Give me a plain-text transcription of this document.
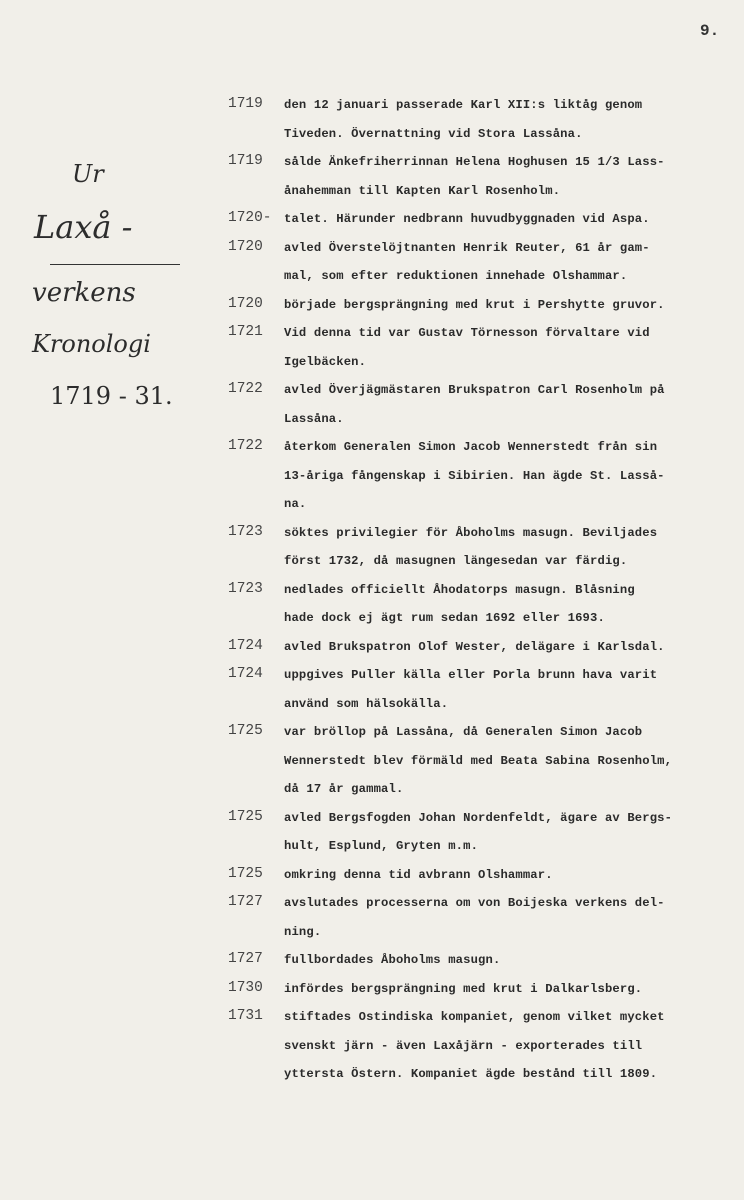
9.
Ur
Laxå -
verkens
Kronologi
1719 - 31.
1719	den 12 januari passerade Karl XII:s liktåg genom
Tiveden. Övernattning vid Stora Lassåna.
1719	sålde Änkefriherrinnan Helena Hoghusen 15 1/3 Lass-
ånahemman till Kapten Karl Rosenholm.
1720-	talet. Härunder nedbrann huvudbyggnaden vid Aspa.
1720	avled Överstelöjtnanten Henrik Reuter, 61 år gam-
mal, som efter reduktionen innehade Olshammar.
1720	började bergsprängning med krut i Pershytte gruvor.
1721	Vid denna tid var Gustav Törnesson förvaltare vid
Igelbäcken.
1722	avled Överjägmästaren Brukspatron Carl Rosenholm på
Lassåna.
1722	återkom Generalen Simon Jacob Wennerstedt från sin
13-åriga fångenskap i Sibirien. Han ägde St. Lasså-
na.
1723	söktes privilegier för Åboholms masugn. Beviljades
först 1732, då masugnen längesedan var färdig.
1723	nedlades officiellt Åhodatorps masugn. Blåsning
hade dock ej ägt rum sedan 1692 eller 1693.
1724	avled Brukspatron Olof Wester, delägare i Karlsdal.
1724	uppgives Puller källa eller Porla brunn hava varit
använd som hälsokälla.
1725	var bröllop på Lassåna, då Generalen Simon Jacob
Wennerstedt blev förmäld med Beata Sabina Rosenholm,
då 17 år gammal.
1725	avled Bergsfogden Johan Nordenfeldt, ägare av Bergs-
hult, Esplund, Gryten m.m.
1725	omkring denna tid avbrann Olshammar.
1727	avslutades processerna om von Boijeska verkens del-
ning.
1727	fullbordades Åboholms masugn.
1730	infördes bergsprängning med krut i Dalkarlsberg.
1731	stiftades Ostindiska kompaniet, genom vilket mycket
svenskt järn - även Laxåjärn - exporterades till
yttersta Östern. Kompaniet ägde bestånd till 1809.
